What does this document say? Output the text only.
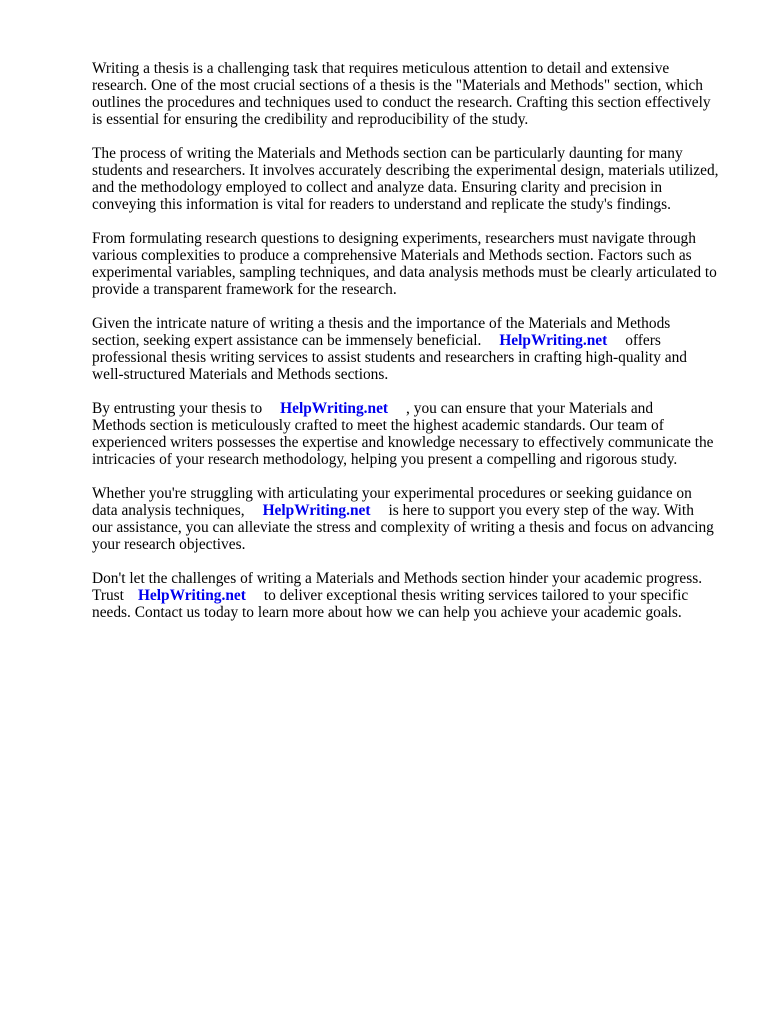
Writing a thesis is a challenging task that requires meticulous attention to detail and extensive
research. One of the most crucial sections of a thesis is the "Materials and Methods" section, which
outlines the procedures and techniques used to conduct the research. Crafting this section effectively
is essential for ensuring the credibility and reproducibility of the study.

The process of writing the Materials and Methods section can be particularly daunting for many
students and researchers. It involves accurately describing the experimental design, materials utilized,
and the methodology employed to collect and analyze data. Ensuring clarity and precision in
conveying this information is vital for readers to understand and replicate the study's findings.

From formulating research questions to designing experiments, researchers must navigate through
various complexities to produce a comprehensive Materials and Methods section. Factors such as
experimental variables, sampling techniques, and data analysis methods must be clearly articulated to
provide a transparent framework for the research.

Given the intricate nature of writing a thesis and the importance of the Materials and Methods
section, seeking expert assistance can be immensely beneficial. HelpWriting.net offers
professional thesis writing services to assist students and researchers in crafting high-quality and
well-structured Materials and Methods sections.

By entrusting your thesis to HelpWriting.net , you can ensure that your Materials and
Methods section is meticulously crafted to meet the highest academic standards. Our team of
experienced writers possesses the expertise and knowledge necessary to effectively communicate the
intricacies of your research methodology, helping you present a compelling and rigorous study.

Whether you're struggling with articulating your experimental procedures or seeking guidance on
data analysis techniques, HelpWriting.net is here to support you every step of the way. With
our assistance, you can alleviate the stress and complexity of writing a thesis and focus on advancing
your research objectives.

Don't let the challenges of writing a Materials and Methods section hinder your academic progress.
Trust HelpWriting.net to deliver exceptional thesis writing services tailored to your specific
needs. Contact us today to learn more about how we can help you achieve your academic goals.
